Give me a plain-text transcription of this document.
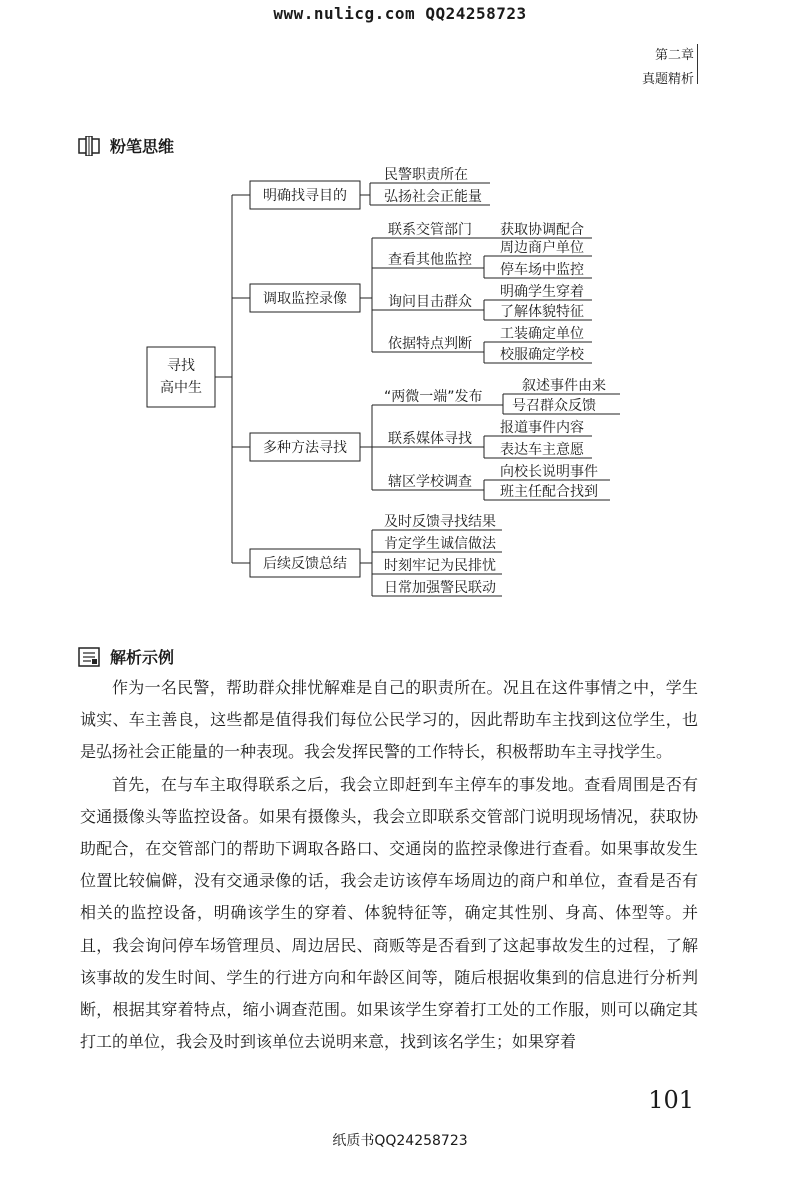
www.nulicg.com QQ24258723
第二章
真题精析
粉笔思维
寻找
高中生
明确找寻目的
调取监控录像
多种方法寻找
后续反馈总结
民警职责所在
弘扬社会正能量
联系交管部门 获取协调配合
查看其他监控
周边商户单位
停车场中监控
询问目击群众
明确学生穿着
了解体貌特征
依据特点判断
工装确定单位
校服确定学校
“两微一端”发布
叙述事件由来
号召群众反馈
联系媒体寻找
报道事件内容
表达车主意愿
辖区学校调查
向校长说明事件
班主任配合找到
及时反馈寻找结果
肯定学生诚信做法
时刻牢记为民排忧
日常加强警民联动
解析示例

作为一名民警，帮助群众排忧解难是自己的职责所在。况且在这件事情之中，学生诚实、车主善良，这些都是值得我们每位公民学习的，因此帮助车主找到这位学生，也是弘扬社会正能量的一种表现。我会发挥民警的工作特长，积极帮助车主寻找学生。

首先，在与车主取得联系之后，我会立即赶到车主停车的事发地。查看周围是否有交通摄像头等监控设备。如果有摄像头，我会立即联系交管部门说明现场情况，获取协助配合，在交管部门的帮助下调取各路口、交通岗的监控录像进行查看。如果事故发生位置比较偏僻，没有交通录像的话，我会走访该停车场周边的商户和单位，查看是否有相关的监控设备，明确该学生的穿着、体貌特征等，确定其性别、身高、体型等。并且，我会询问停车场管理员、周边居民、商贩等是否看到了这起事故发生的过程，了解该事故的发生时间、学生的行进方向和年龄区间等，随后根据收集到的信息进行分析判断，根据其穿着特点，缩小调查范围。如果该学生穿着打工处的工作服，则可以确定其打工的单位，我会及时到该单位去说明来意，找到该名学生；如果穿着

101
纸质书QQ24258723
